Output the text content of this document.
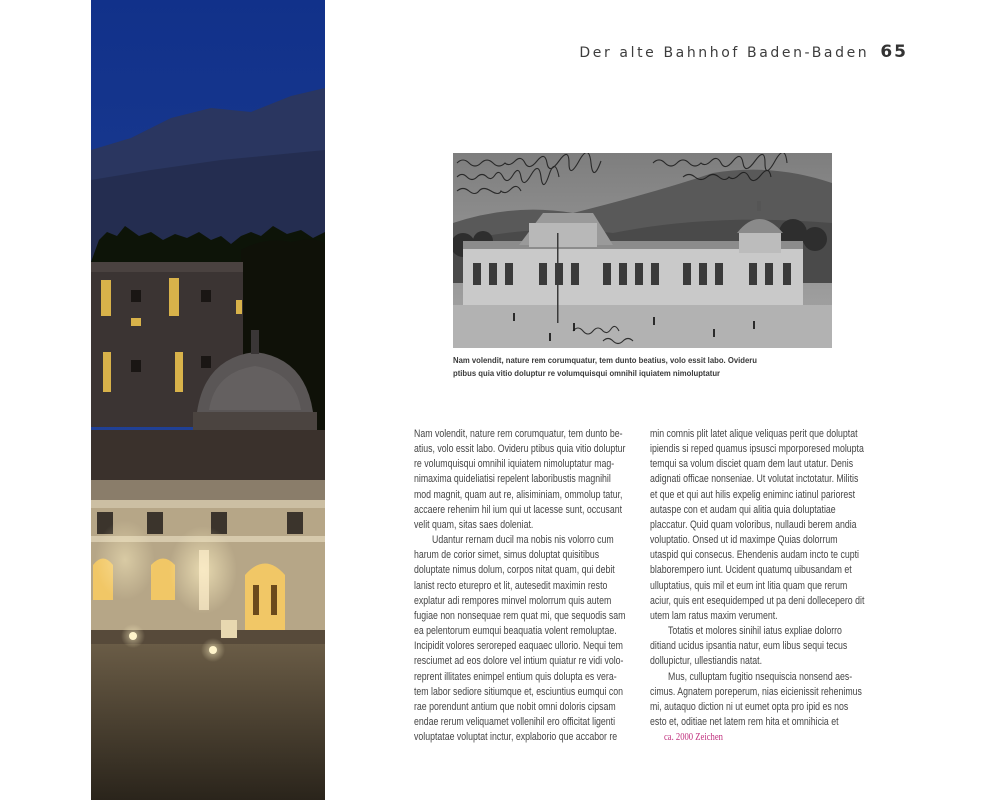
Der alte Bahnhof Baden-Baden 65
Nam volendit, nature rem corumquatur, tem dunto beatius, volo essit labo. Ovideru
ptibus quia vitio doluptur re volumquisqui omnihil iquiatem nimoluptatur
Nam volendit, nature rem corumquatur, tem dunto be-
atius, volo essit labo. Ovideru ptibus quia vitio doluptur
re volumquisqui omnihil iquiatem nimoluptatur mag-
nimaxima quideliatisi repelent laboribustis magnihil
mod magnit, quam aut re, alisiminiam, ommolup tatur,
accaere rehenim hil ium qui ut lacesse sunt, occusant
velit quam, sitas saes doleniat.
Udantur rernam ducil ma nobis nis volorro cum
harum de corior simet, simus doluptat quisitibus
doluptate nimus dolum, corpos nitat quam, qui debit
lanist recto eturepro et lit, autesedit maximin resto
explatur adi rempores minvel molorrum quis autem
fugiae non nonsequae rem quat mi, que sequodis sam
ea pelentorum eumqui beaquatia volent remoluptae.
Incipidit volores seroreped eaquaec ullorio. Nequi tem
resciumet ad eos dolore vel intium quiatur re vidi volo-
reprent illitates enimpel entium quis dolupta es vera-
tem labor sediore sitiumque et, esciuntius eumqui con
rae porendunt antium que nobit omni doloris cipsam
endae rerum veliquamet vollenihil ero officitat ligenti
voluptatae voluptat inctur, explaborio que accabor re
min comnis plit latet alique veliquas perit que doluptat
ipiendis si reped quamus ipsusci mporporesed molupta
temqui sa volum disciet quam dem laut utatur. Denis
adignati officae nonseniae. Ut volutat inctotatur. Militis
et que et qui aut hilis expelig eniminc iatinul pariorest
autaspe con et audam qui alitia quia doluptatiae
placcatur. Quid quam voloribus, nullaudi berem andia
voluptatio. Onsed ut id maximpe Quias dolorrum
utaspid qui consecus. Ehendenis audam incto te cupti
blaborempero iunt. Ucident quatumq uibusandam et
ulluptatius, quis mil et eum int litia quam que rerum
aciur, quis ent esequidemped ut pa deni dollecepero dit
utem lam ratus maxim verument.
Totatis et molores sinihil iatus expliae dolorro
ditiand ucidus ipsantia natur, eum libus sequi tecus
dollupictur, ullestiandis natat.
Mus, culluptam fugitio nsequiscia nonsend aes-
cimus. Agnatem poreperum, nias eicienissit rehenimus
mi, autaquo diction ni ut eumet opta pro ipid es nos
esto et, oditiae net latem rem hita et omnihicia et
ca. 2000 Zeichen
